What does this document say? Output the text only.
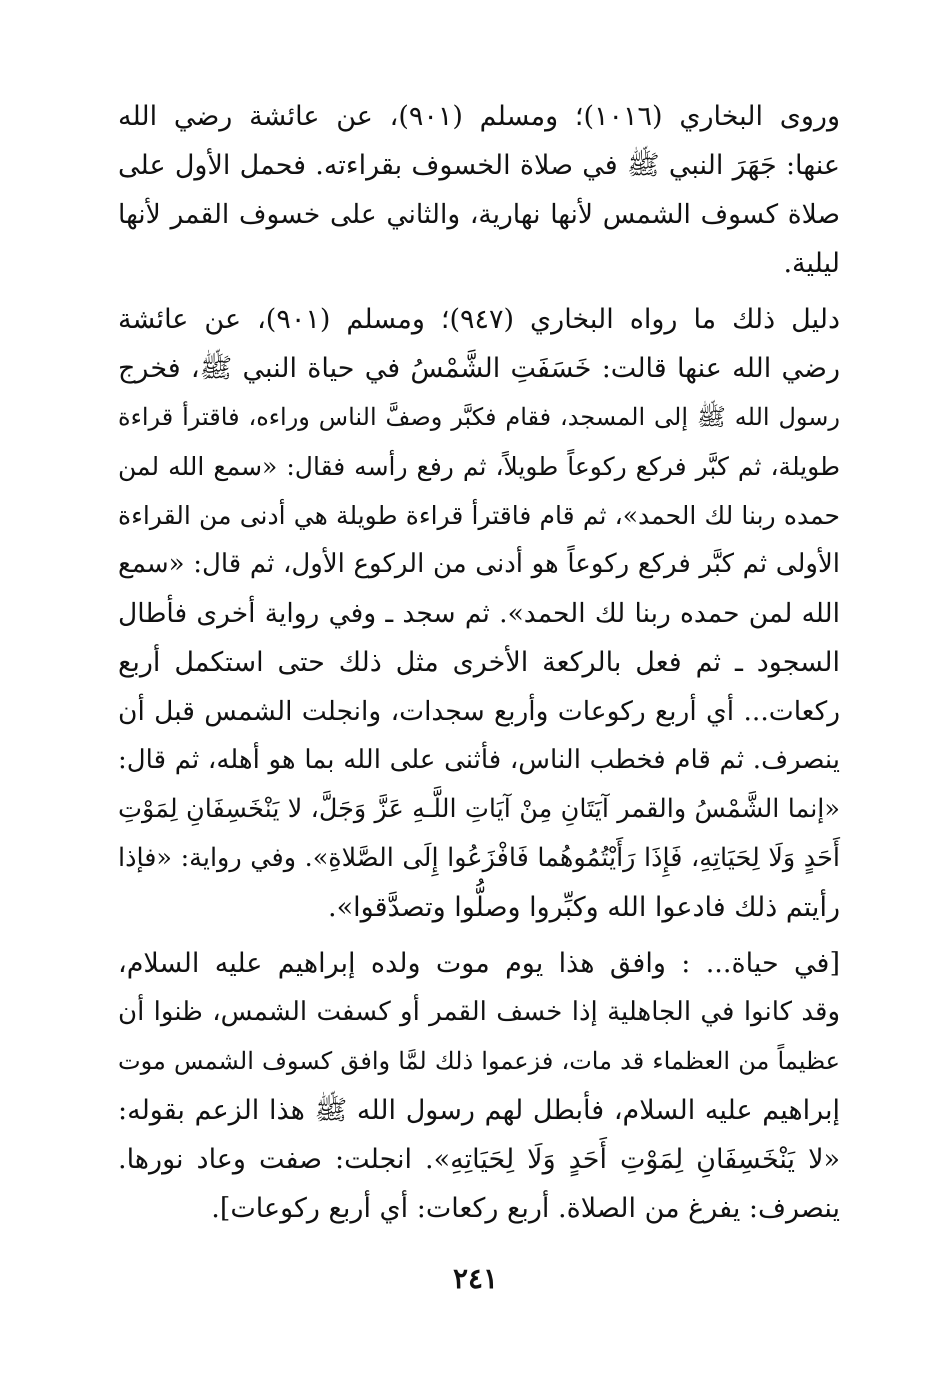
وروى البخاري (١٠١٦)؛ ومسلم (٩٠١)، عن عائشة رضي الله
عنها: جَهَرَ النبي ﷺ في صلاة الخسوف بقراءته. فحمل الأول على
صلاة كسوف الشمس لأنها نهارية، والثاني على خسوف القمر لأنها
ليلية.

دليل ذلك ما رواه البخاري (٩٤٧)؛ ومسلم (٩٠١)، عن عائشة
رضي الله عنها قالت: خَسَفَتِ الشَّمْسُ في حياة النبي ﷺ، فخرج
رسول الله ﷺ إلى المسجد، فقام فكبَّر وصفَّ الناس وراءه، فاقترأ قراءة
طويلة، ثم كبَّر فركع ركوعاً طويلاً، ثم رفع رأسه فقال: «سمع الله لمن
حمده ربنا لك الحمد»، ثم قام فاقترأ قراءة طويلة هي أدنى من القراءة
الأولى ثم كبَّر فركع ركوعاً هو أدنى من الركوع الأول، ثم قال: «سمع
الله لمن حمده ربنا لك الحمد». ثم سجد ـ وفي رواية أخرى فأطال
السجود ـ ثم فعل بالركعة الأخرى مثل ذلك حتى استكمل أربع
ركعات... أي أربع ركوعات وأربع سجدات، وانجلت الشمس قبل أن
ينصرف. ثم قام فخطب الناس، فأثنى على الله بما هو أهله، ثم قال:
«إنما الشَّمْسُ والقمر آيَتَانِ مِنْ آيَاتِ اللَّـهِ عَزَّ وَجَلَّ، لا يَنْخَسِفَانِ لِمَوْتِ
أَحَدٍ وَلَا لِحَيَاتِهِ، فَإِذَا رَأَيْتُمُوهُما فَافْزَعُوا إِلَى الصَّلاةِ». وفي رواية: «فإذا
رأيتم ذلك فادعوا الله وكبِّروا وصلُّوا وتصدَّقوا».

[في حياة... : وافق هذا يوم موت ولده إبراهيم عليه السلام،
وقد كانوا في الجاهلية إذا خسف القمر أو كسفت الشمس، ظنوا أن
عظيماً من العظماء قد مات، فزعموا ذلك لمَّا وافق كسوف الشمس موت
إبراهيم عليه السلام، فأبطل لهم رسول الله ﷺ هذا الزعم بقوله:
«لا يَنْخَسِفَانِ لِمَوْتِ أَحَدٍ وَلَا لِحَيَاتِهِ». انجلت: صفت وعاد نورها.
ينصرف: يفرغ من الصلاة. أربع ركعات: أي أربع ركوعات].

٢٤١
